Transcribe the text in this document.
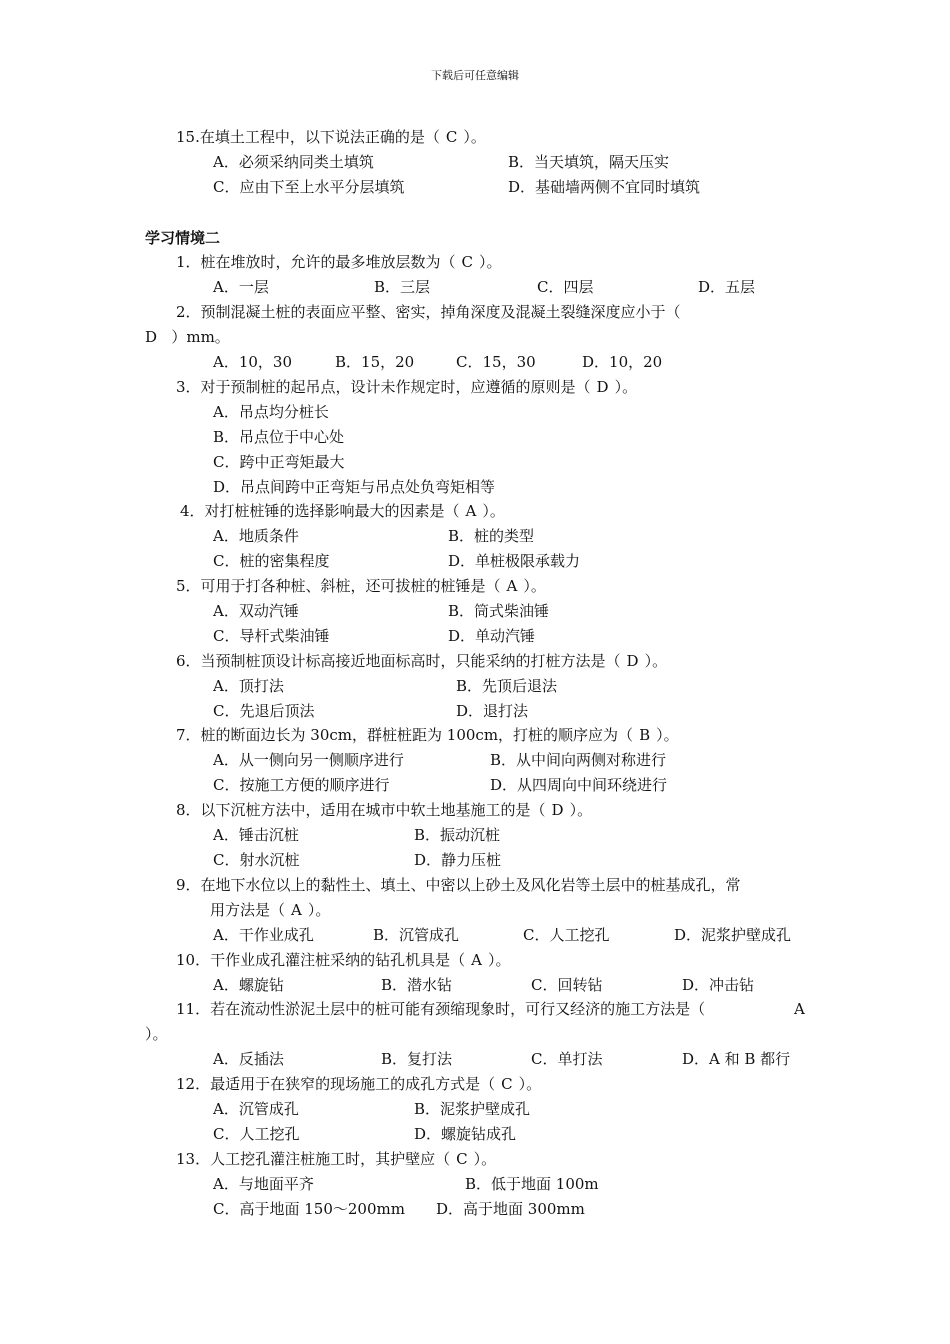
下载后可任意编辑
15.在填土工程中，以下说法正确的是（ C ）。
A．必须采纳同类土填筑	B．当天填筑，隔天压实
C．应由下至上水平分层填筑	D．基础墙两侧不宜同时填筑
学习情境二
1．桩在堆放时，允许的最多堆放层数为（ C ）。
A．一层	B．三层	C．四层	D．五层
2．预制混凝土桩的表面应平整、密实，掉角深度及混凝土裂缝深度应小于（
D ）mm。
A．10，30	B．15，20	C．15，30	D．10，20
3．对于预制桩的起吊点，设计未作规定时，应遵循的原则是（ D ）。
A．吊点均分桩长
B．吊点位于中心处
C．跨中正弯矩最大
D．吊点间跨中正弯矩与吊点处负弯矩相等
4．对打桩桩锤的选择影响最大的因素是（ A ）。
A．地质条件	B．桩的类型
C．桩的密集程度	D．单桩极限承载力
5．可用于打各种桩、斜桩，还可拔桩的桩锤是（ A ）。
A．双动汽锤	B．筒式柴油锤
C．导杆式柴油锤	D．单动汽锤
6．当预制桩顶设计标高接近地面标高时，只能采纳的打桩方法是（ D ）。
A．顶打法	B．先顶后退法
C．先退后顶法	D．退打法
7．桩的断面边长为 30cm，群桩桩距为 100cm，打桩的顺序应为（ B ）。
A．从一侧向另一侧顺序进行	B．从中间向两侧对称进行
C．按施工方便的顺序进行	D．从四周向中间环绕进行
8．以下沉桩方法中，适用在城市中软土地基施工的是（ D ）。
A．锤击沉桩	B．振动沉桩
C．射水沉桩	D．静力压桩
9．在地下水位以上的黏性土、填土、中密以上砂土及风化岩等土层中的桩基成孔，常
用方法是（ A ）。
A．干作业成孔	B．沉管成孔	C．人工挖孔	D．泥浆护壁成孔
10．干作业成孔灌注桩采纳的钻孔机具是（ A ）。
A．螺旋钻	B．潜水钻	C．回转钻	D．冲击钻
11．若在流动性淤泥土层中的桩可能有颈缩现象时，可行又经济的施工方法是（	A
）。
A．反插法	B．复打法	C．单打法	D．A 和 B 都行
12．最适用于在狭窄的现场施工的成孔方式是（ C ）。
A．沉管成孔	B．泥浆护壁成孔
C．人工挖孔	D．螺旋钻成孔
13．人工挖孔灌注桩施工时，其护壁应（ C ）。
A．与地面平齐	B．低于地面 100m
C．高于地面 150～200mm D．高于地面 300mm
